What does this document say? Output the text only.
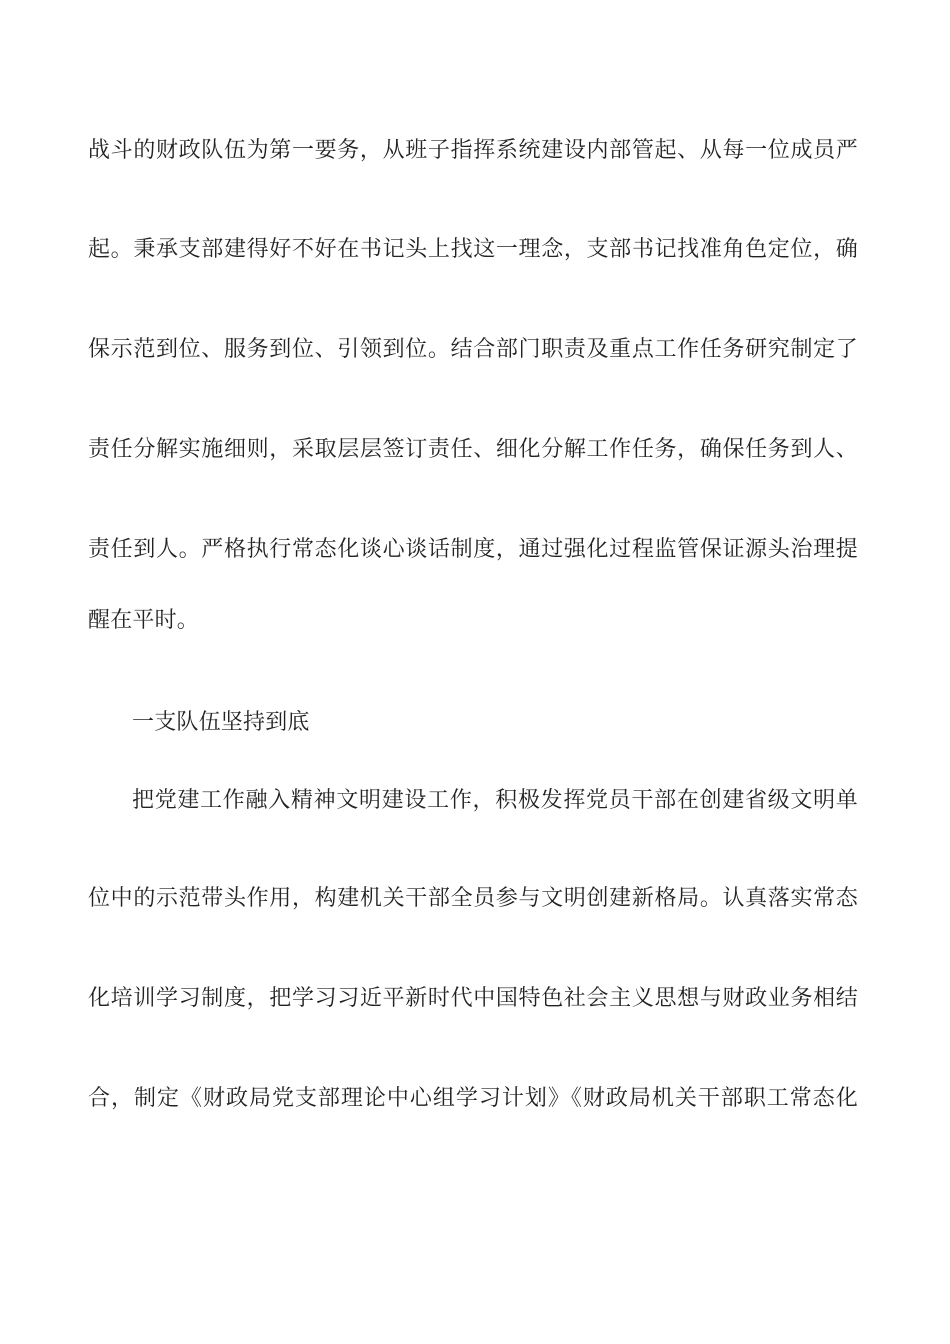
战斗的财政队伍为第一要务，从班子指挥系统建设内部管起、从每一位成员严
起。秉承支部建得好不好在书记头上找这一理念，支部书记找准角色定位，确
保示范到位、服务到位、引领到位。结合部门职责及重点工作任务研究制定了
责任分解实施细则，采取层层签订责任、细化分解工作任务，确保任务到人、
责任到人。严格执行常态化谈心谈话制度，通过强化过程监管保证源头治理提
醒在平时。
一支队伍坚持到底
把党建工作融入精神文明建设工作，积极发挥党员干部在创建省级文明单
位中的示范带头作用，构建机关干部全员参与文明创建新格局。认真落实常态
化培训学习制度，把学习习近平新时代中国特色社会主义思想与财政业务相结
合，制定《财政局党支部理论中心组学习计划》《财政局机关干部职工常态化
